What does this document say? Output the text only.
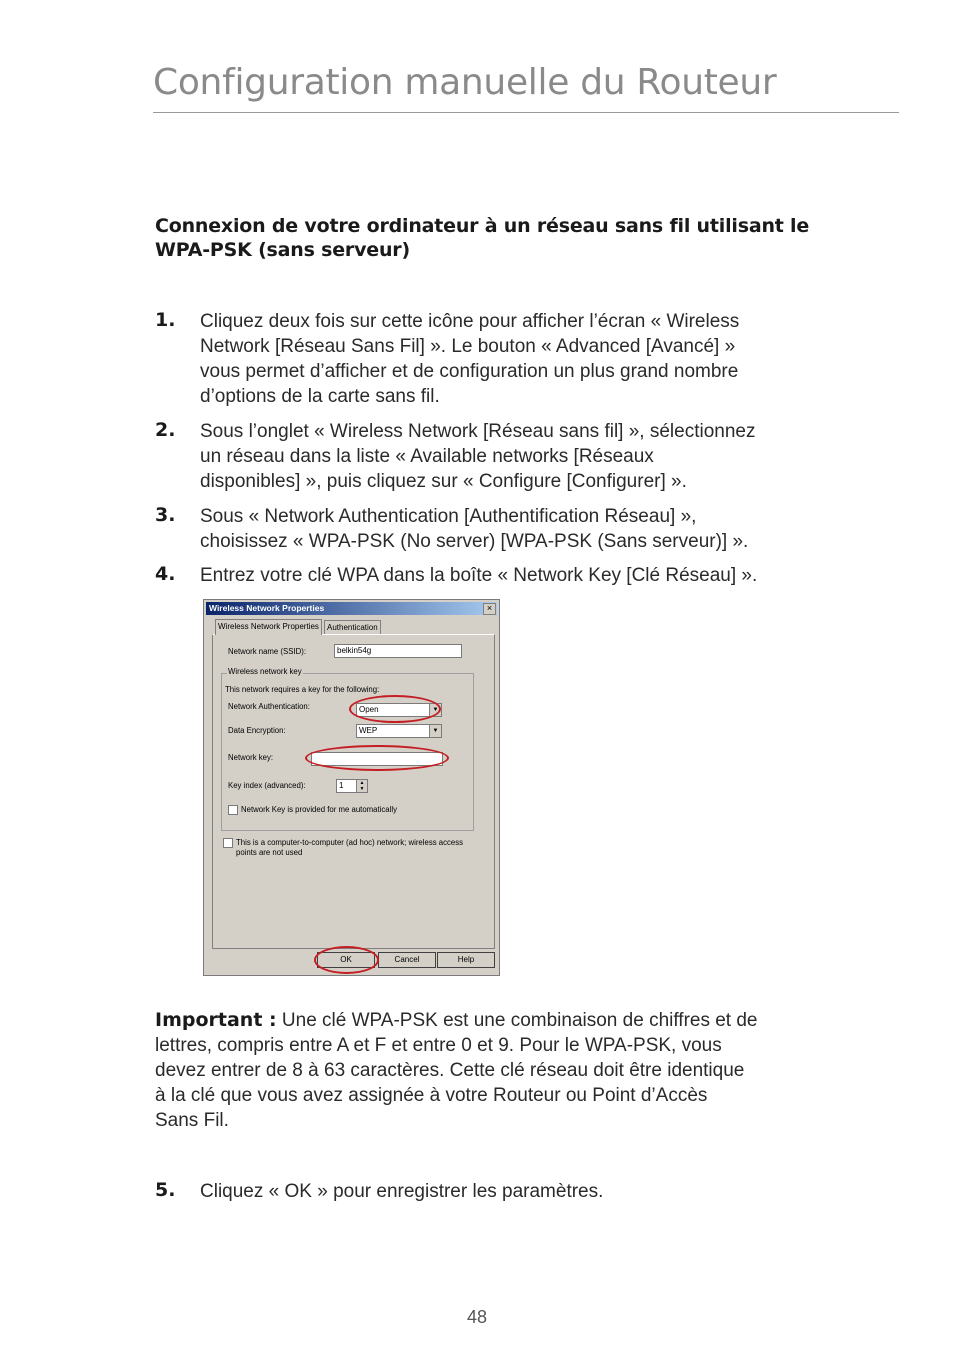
Configuration manuelle du Routeur
Connexion de votre ordinateur à un réseau sans fil utilisant le
WPA-PSK (sans serveur)
1. Cliquez deux fois sur cette icône pour afficher l’écran « Wireless
Network [Réseau Sans Fil] ». Le bouton « Advanced [Avancé] »
vous permet d’afficher et de configuration un plus grand nombre
d’options de la carte sans fil.
2. Sous l’onglet « Wireless Network [Réseau sans fil] », sélectionnez
un réseau dans la liste « Available networks [Réseaux
disponibles] », puis cliquez sur « Configure [Configurer] ».
3. Sous « Network Authentication [Authentification Réseau] »,
choisissez « WPA-PSK (No server) [WPA-PSK (Sans serveur)] ».
4. Entrez votre clé WPA dans la boîte « Network Key [Clé Réseau] ».
Wireless Network Properties	×
Wireless Network Properties	Authentication
Network name (SSID):	belkin54g
Wireless network key
This network requires a key for the following:
Network Authentication:	Open	▼
Data Encryption:	WEP	▼
Network key:
Key index (advanced):	1	▲
▼
Network Key is provided for me automatically
This is a computer-to-computer (ad hoc) network; wireless access
points are not used
OK	Cancel	Help
Important : Une clé WPA-PSK est une combinaison de chiffres et de
lettres, compris entre A et F et entre 0 et 9. Pour le WPA-PSK, vous
devez entrer de 8 à 63 caractères. Cette clé réseau doit être identique
à la clé que vous avez assignée à votre Routeur ou Point d’Accès
Sans Fil.
5. Cliquez « OK » pour enregistrer les paramètres.
48
